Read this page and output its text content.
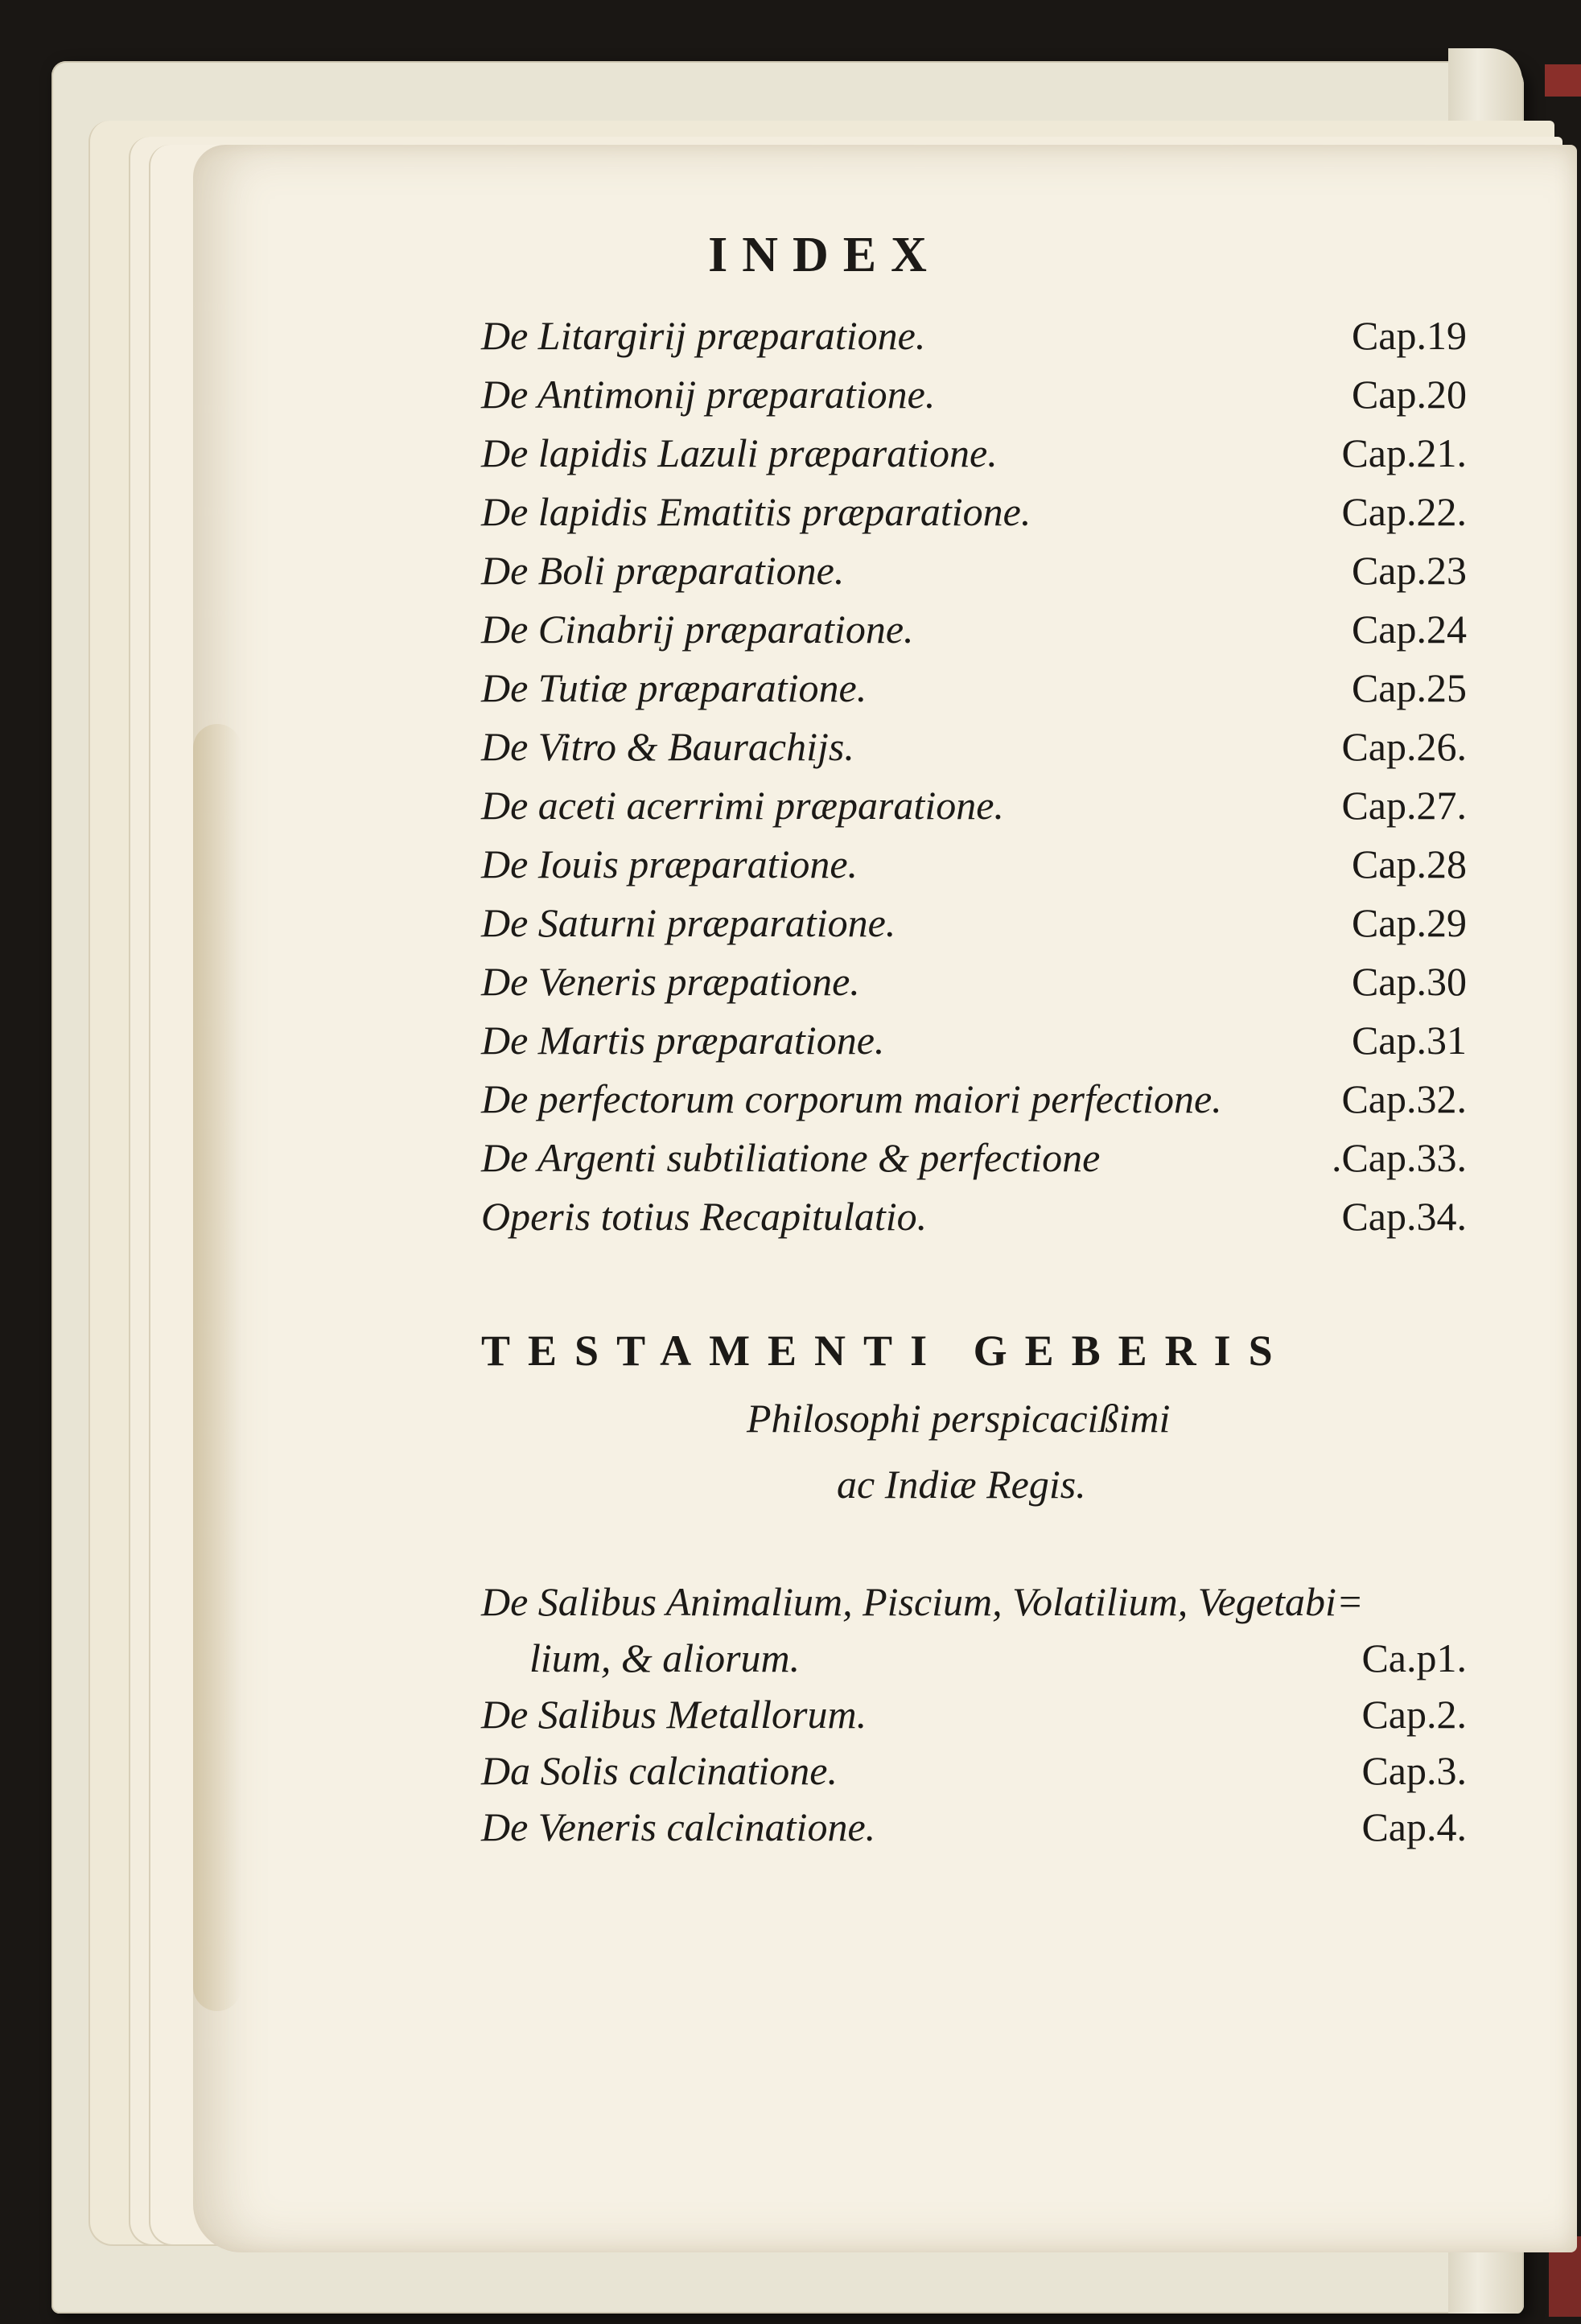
INDEX
De Litargirij præparatione.	Cap.19
De Antimonij præparatione.	Cap.20
De lapidis Lazuli præparatione.	Cap.21.
De lapidis Ematitis præparatione.	Cap.22.
De Boli præparatione.	Cap.23
De Cinabrij præparatione.	Cap.24
De Tutiæ præparatione.	Cap.25
De Vitro & Baurachijs.	Cap.26.
De aceti acerrimi præparatione.	Cap.27.
De Iouis præparatione.	Cap.28
De Saturni præparatione.	Cap.29
De Veneris præpatione.	Cap.30
De Martis præparatione.	Cap.31
De perfectorum corporum maiori perfectione.	Cap.32.
De Argenti subtiliatione & perfectione	.Cap.33.
Operis totius Recapitulatio.	Cap.34.
TESTAMENTI GEBERIS
Philosophi perspicacißimi
ac Indiæ Regis.
De Salibus Animalium, Piscium, Volatilium, Vegetabi=
lium, & aliorum.	Ca.p1.
De Salibus Metallorum.	Cap.2.
Da Solis calcinatione.	Cap.3.
De Veneris calcinatione.	Cap.4.
